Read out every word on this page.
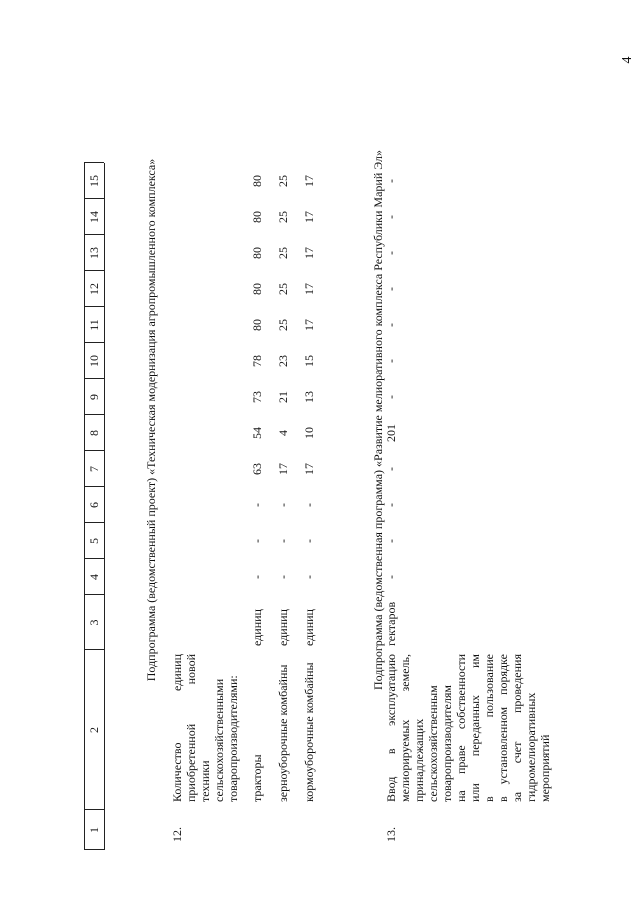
4
1
2
3
4
5
6
7
8
9
10
11
12
13
14
15	Подпрограмма (ведомственный проект) «Техническая модернизация агропромышленного комплекса»	Подпрограмма (ведомственная программа) «Развитие мелиоративного комплекса Республики Марий Эл»
12.
Количество единиц приобретенной новой техники сельскохозяйственными товаропроизводителями: тракторы
единиц
-
-
-
63
54
73
78
80
80
80
80
80
зерноуборочные комбайны
единиц
-
-
-
17
4
21
23
25
25
25
25
25
кормоуборочные комбайны
единиц
-
-
-
17
10
13
15
17
17
17
17
17
13.
Ввод в эксплуатацию мелиорируемых земель, принадлежащих сельскохозяйственным товаропроизводителям на праве собственности или переданных им в пользование в установленном порядке за счет проведения гидромелиоративных мероприятий
гектаров
-
-
-
-
201
-
-
-
-
-
-
-
